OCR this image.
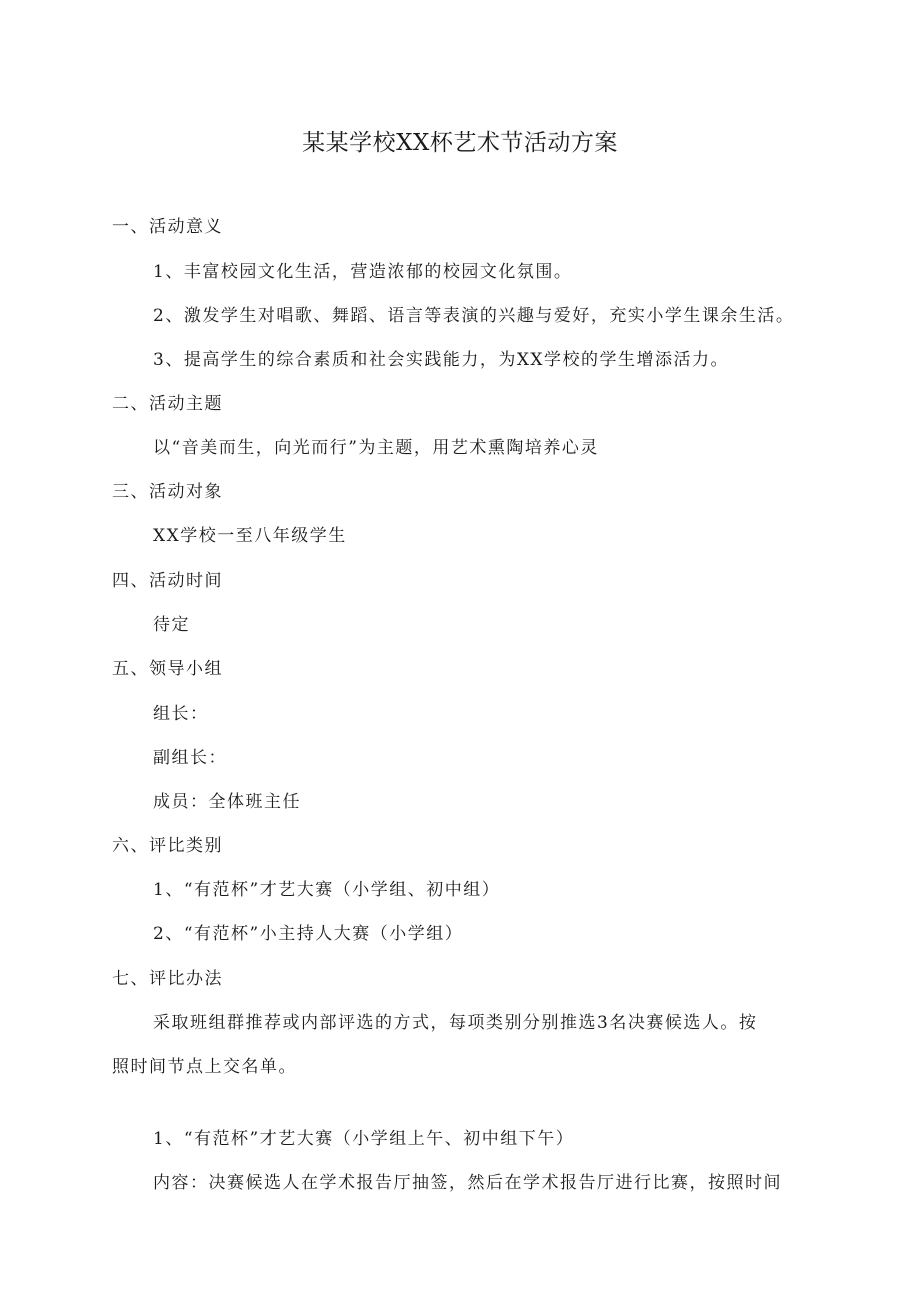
某某学校XX杯艺术节活动方案
一、活动意义
1、丰富校园文化生活，营造浓郁的校园文化氛围。
2、激发学生对唱歌、舞蹈、语言等表演的兴趣与爱好，充实小学生课余生活。
3、提高学生的综合素质和社会实践能力，为XX学校的学生增添活力。
二、活动主题
以“音美而生，向光而行”为主题，用艺术熏陶培养心灵
三、活动对象
XX学校一至八年级学生
四、活动时间
待定
五、领导小组
组长：
副组长：
成员：全体班主任
六、评比类别
1、“有范杯”才艺大赛（小学组、初中组）
2、“有范杯”小主持人大赛（小学组）
七、评比办法
采取班组群推荐或内部评选的方式，每项类别分别推选3名决赛候选人。按
照时间节点上交名单。
1、“有范杯”才艺大赛（小学组上午、初中组下午）
内容：决赛候选人在学术报告厅抽签，然后在学术报告厅进行比赛，按照时间
